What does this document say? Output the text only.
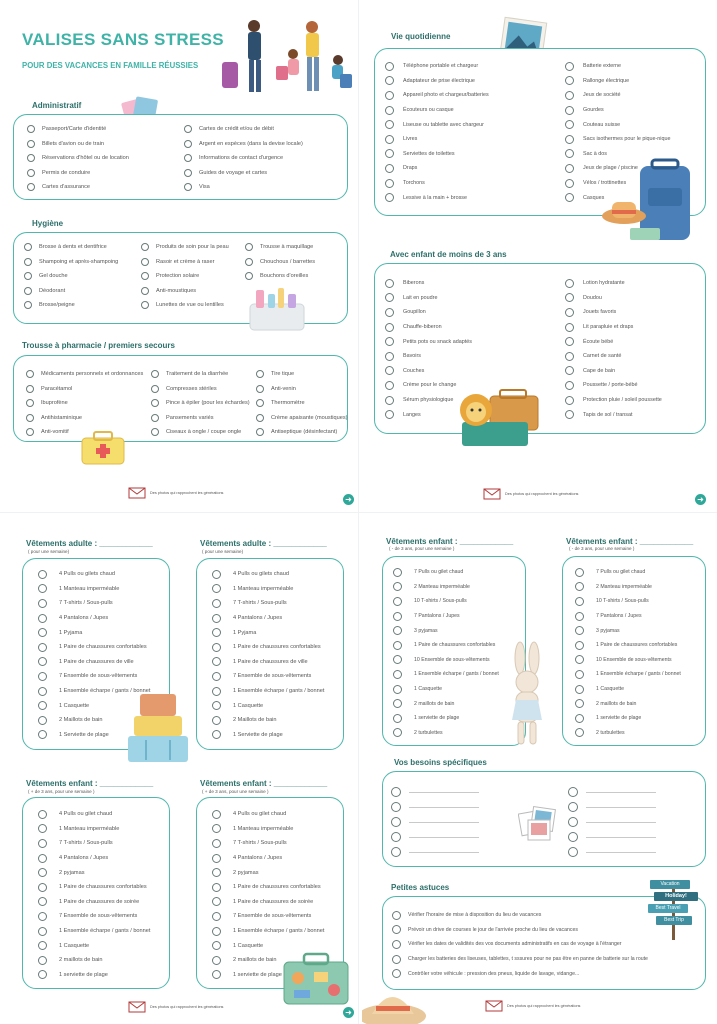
VALISES SANS STRESS
POUR DES VACANCES EN FAMILLE RÉUSSIES
Administratif
Passeport/Carte d'identité
Billets d'avion ou de train
Réservations d'hôtel ou de location
Permis de conduire
Cartes d'assurance
Cartes de crédit et/ou de débit
Argent en espèces (dans la devise locale)
Informations de contact d'urgence
Guides de voyage et cartes
Visa
Hygiène
Brosse à dents et dentifrice
Shampoing et après-shampoing
Gel douche
Déodorant
Brosse/peigne
Produits de soin pour la peau
Rasoir et crème à raser
Protection solaire
Anti-moustiques
Lunettes de vue ou lentilles
Trousse à maquillage
Chouchous / barrettes
Bouchons d'oreilles
Trousse à pharmacie / premiers secours
Médicaments personnels et ordonnances
Paracétamol
Ibuprofène
Antihistaminique
Anti-vomitif
Traitement de la diarrhée
Compresses stériles
Pince à épiler (pour les échardes)
Pansements variés
Ciseaux à ongle / coupe ongle
Tire tique
Anti-venin
Thermomètre
Crème apaisante (moustiques)
Antiseptique (désinfectant)
Des photos qui rapprochent les générations
➜
Vie quotidienne
Téléphone portable et chargeur
Adaptateur de prise électrique
Appareil photo et chargeur/batteries
Écouteurs ou casque
Liseuse ou tablette avec chargeur
Livres
Serviettes de toilettes
Draps
Torchons
Lessive à la main + brosse
Batterie externe
Rallonge électrique
Jeux de société
Gourdes
Couteau suisse
Sacs isothermes pour le pique-nique
Sac à dos
Jeux de plage / piscine
Vélos / trottinettes
Casques
Avec enfant de moins de 3 ans
Biberons
Lait en poudre
Goupillon
Chauffe-biberon
Petits pots ou snack adaptés
Bavoirs
Couches
Crème pour le change
Sérum physiologique
Langes
Lotion hydratante
Doudou
Jouets favoris
Lit parapluie et draps
Écoute bébé
Carnet de santé
Cape de bain
Poussette / porte-bébé
Protection pluie / soleil poussette
Tapis de sol / transat
Des photos qui rapprochent les générations
➜
Vêtements adulte : ____________
( pour une semaine)
4 Pulls ou gilets chaud
1 Manteau imperméable
7 T-shirts / Sous-pulls
4 Pantalons / Jupes
1 Pyjama
1 Paire de chaussures confortables
1 Paire de chaussures de ville
7 Ensemble de sous-vêtements
1 Ensemble écharpe / gants / bonnet
1 Casquette
2 Maillots de bain
1 Serviette de plage
Vêtements adulte : ____________
( pour une semaine)
4 Pulls ou gilets chaud
1 Manteau imperméable
7 T-shirts / Sous-pulls
4 Pantalons / Jupes
1 Pyjama
1 Paire de chaussures confortables
1 Paire de chaussures de ville
7 Ensemble de sous-vêtements
1 Ensemble écharpe / gants / bonnet
1 Casquette
2 Maillots de bain
1 Serviette de plage
Vêtements enfant : ____________
( + de 3 ans, pour une semaine )
4 Pulls ou gilet chaud
1 Manteau imperméable
7 T-shirts / Sous-pulls
4 Pantalons / Jupes
2 pyjamas
1 Paire de chaussures confortables
1 Paire de chaussures de soirée
7 Ensemble de sous-vêtements
1 Ensemble écharpe / gants / bonnet
1 Casquette
2 maillots de bain
1 serviette de plage
Vêtements enfant : ____________
( + de 3 ans, pour une semaine )
4 Pulls ou gilet chaud
1 Manteau imperméable
7 T-shirts / Sous-pulls
4 Pantalons / Jupes
2 pyjamas
1 Paire de chaussures confortables
1 Paire de chaussures de soirée
7 Ensemble de sous-vêtements
1 Ensemble écharpe / gants / bonnet
1 Casquette
2 maillots de bain
1 serviette de plage
Des photos qui rapprochent les générations
➜
Vêtements enfant : ____________
( - de 3 ans, pour une semaine )
7 Pulls ou gilet chaud
2 Manteau imperméable
10 T-shirts / Sous-pulls
7 Pantalons / Jupes
3 pyjamas
1 Paire de chaussures confortables
10 Ensemble de sous-vêtements
1 Ensemble écharpe / gants / bonnet
1 Casquette
2 maillots de bain
1 serviette de plage
2 turbulettes
Vêtements enfant : ____________
( - de 3 ans, pour une semaine )
7 Pulls ou gilet chaud
2 Manteau imperméable
10 T-shirts / Sous-pulls
7 Pantalons / Jupes
3 pyjamas
1 Paire de chaussures confortables
10 Ensemble de sous-vêtements
1 Ensemble écharpe / gants / bonnet
1 Casquette
2 maillots de bain
1 serviette de plage
2 turbulettes
Vos besoins spécifiques
Petites astuces
Vérifier l'horaire de mise à disposition du lieu de vacances
Prévoir un drive de courses le jour de l'arrivée proche du lieu de vacances
Vérifier les dates de validités des vos documents administratifs en cas de voyage à l'étranger
Charger les batteries des liseuses, tablettes, t sssures pour ne pas être en panne de batterie sur la route
Contrôler votre véhicule : pression des pneus, liquide de lavage, vidange...
Vacation
Holiday!
Best Travel
Best Trip
Des photos qui rapprochent les générations
